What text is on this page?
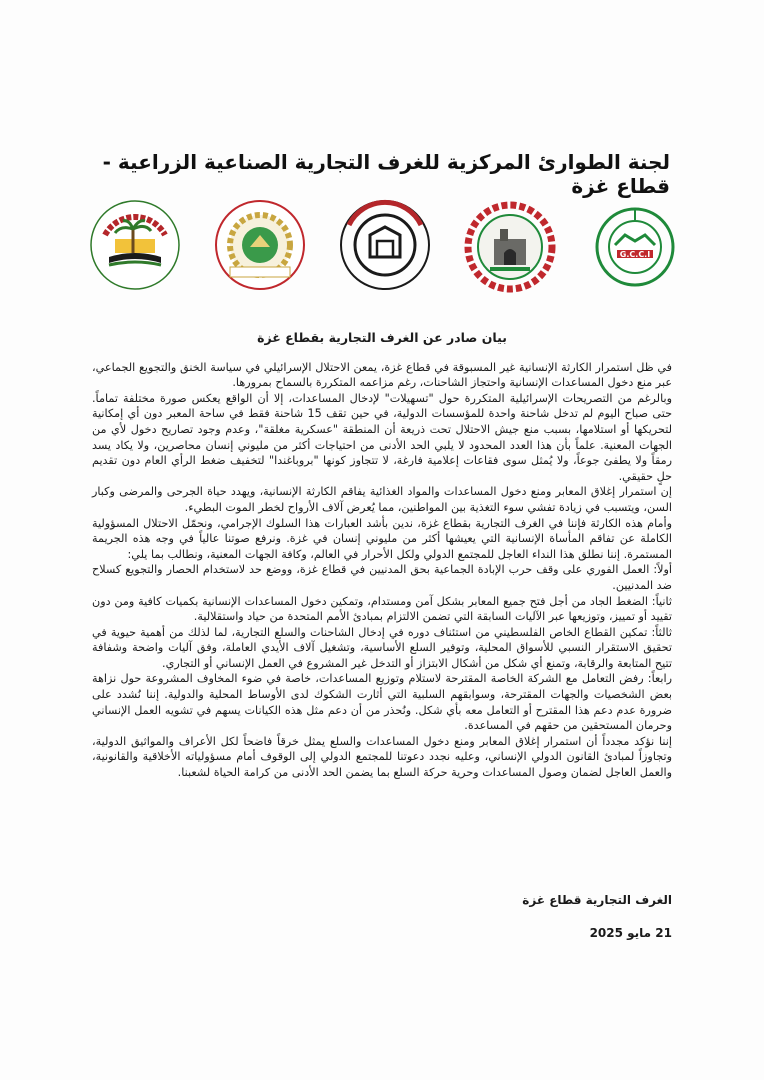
لجنة الطوارئ المركزية للغرف التجارية الصناعية الزراعية - قطاع غزة
G.C.C.I
بيان صادر عن الغرف التجارية بقطاع غزة

في ظل استمرار الكارثة الإنسانية غير المسبوقة في قطاع غزة، يمعن الاحتلال الإسرائيلي في سياسة الخنق والتجويع الجماعي، عبر منع دخول المساعدات الإنسانية واحتجاز الشاحنات، رغم مزاعمه المتكررة بالسماح بمرورها.

وبالرغم من التصريحات الإسرائيلية المتكررة حول "تسهيلات" لإدخال المساعدات، إلا أن الواقع يعكس صورة مختلفة تماماً. حتى صباح اليوم لم تدخل شاحنة واحدة للمؤسسات الدولية، في حين تقف 15 شاحنة فقط في ساحة المعبر دون أي إمكانية لتحريكها أو استلامها، بسبب منع جيش الاحتلال تحت ذريعة أن المنطقة "عسكرية مغلقة"، وعدم وجود تصاريح دخول لأي من الجهات المعنية. علماً بأن هذا العدد المحدود لا يلبي الحد الأدنى من احتياجات أكثر من مليوني إنسان محاصرين، ولا يكاد يسد رمقاً ولا يطفئ جوعاً، ولا يُمثل سوى فقاعات إعلامية فارغة، لا تتجاوز كونها "بروباغندا" لتخفيف ضغط الرأي العام دون تقديم حلٍ حقيقي.

إن استمرار إغلاق المعابر ومنع دخول المساعدات والمواد الغذائية يفاقم الكارثة الإنسانية، ويهدد حياة الجرحى والمرضى وكبار السن، ويتسبب في زيادة تفشي سوء التغذية بين المواطنين، مما يُعرض آلاف الأرواح لخطر الموت البطيء.

وأمام هذه الكارثة فإننا في الغرف التجارية بقطاع غزة، ندين بأشد العبارات هذا السلوك الإجرامي، ونحمّل الاحتلال المسؤولية الكاملة عن تفاقم المأساة الإنسانية التي يعيشها أكثر من مليوني إنسان في غزة. ونرفع صوتنا عالياً في وجه هذه الجريمة المستمرة. إننا نطلق هذا النداء العاجل للمجتمع الدولي ولكل الأحرار في العالم، وكافة الجهات المعنية، ونطالب بما يلي:

أولاً: العمل الفوري على وقف حرب الإبادة الجماعية بحق المدنيين في قطاع غزة، ووضع حد لاستخدام الحصار والتجويع كسلاح ضد المدنيين.

ثانياً: الضغط الجاد من أجل فتح جميع المعابر بشكل آمن ومستدام، وتمكين دخول المساعدات الإنسانية بكميات كافية ومن دون تقييد أو تمييز، وتوزيعها عبر الآليات السابقة التي تضمن الالتزام بمبادئ الأمم المتحدة من حياد واستقلالية.

ثالثاً: تمكين القطاع الخاص الفلسطيني من استئناف دوره في إدخال الشاحنات والسلع التجارية، لما لذلك من أهمية حيوية في تحقيق الاستقرار النسبي للأسواق المحلية، وتوفير السلع الأساسية، وتشغيل آلاف الأيدي العاملة، وفق آليات واضحة وشفافة تتيح المتابعة والرقابة، وتمنع أي شكل من أشكال الابتزاز أو التدخل غير المشروع في العمل الإنساني أو التجاري.

رابعاً: رفض التعامل مع الشركة الخاصة المقترحة لاستلام وتوزيع المساعدات، خاصة في ضوء المخاوف المشروعة حول نزاهة بعض الشخصيات والجهات المقترحة، وسوابقهم السلبية التي أثارت الشكوك لدى الأوساط المحلية والدولية. إننا نُشدد على ضرورة عدم دعم هذا المقترح أو التعامل معه بأي شكل. ونُحذر من أن دعم مثل هذه الكيانات يسهم في تشويه العمل الإنساني وحرمان المستحقين من حقهم في المساعدة.

إننا نؤكد مجدداً أن استمرار إغلاق المعابر ومنع دخول المساعدات والسلع يمثل خرقاً فاضحاً لكل الأعراف والمواثيق الدولية، وتجاوزاً لمبادئ القانون الدولي الإنساني، وعليه نجدد دعوتنا للمجتمع الدولي إلى الوقوف أمام مسؤولياته الأخلاقية والقانونية، والعمل العاجل لضمان وصول المساعدات وحرية حركة السلع بما يضمن الحد الأدنى من كرامة الحياة لشعبنا.

الغرف التجارية قطاع غزة
21 مايو 2025
